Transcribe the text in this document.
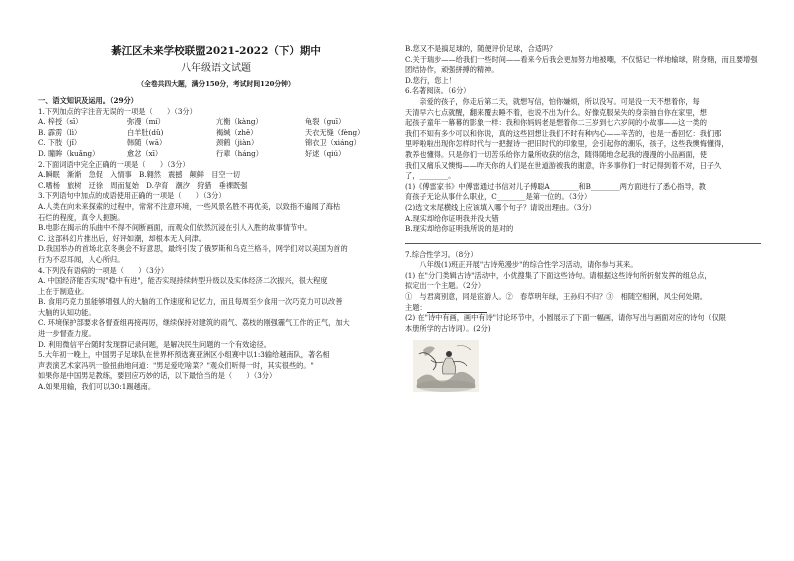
綦江区未来学校联盟2021-2022（下）期中
八年级语文试题
（全卷共四大题，满分150分，考试时间120分钟）
一、语文知识及运用。（29分）
1.下列加点的字注音无误的一项是（　　）（3分）
A. 梓授（sī）	弥漫（mí）	亢衡（kàng）	龟裂（guī）
B. 霹雳（lì）	白羊肚(dǔ)	褐缄（zhě）	天衣无缝（fèng）
C. 下肢（jǐ）	韩随（wā）	颈鹤（jiàn）	锦衣卫（xiáng）
D. 瞳眸（kuǎng）	愈忿（xī）	行辈（háng）	好逑（qiú）
2.下面词语中完全正确的一项是（　　）（3分）
A.瞬眠　渐渐　急促　入情事　 B.翱然　震撼　颠鲜　目空一切
C.嗜杨　旅树　迂徐　周而复始　 D.孕育　潮汐　狩猎　垂裸既强
3.下列语句中加点的成语使用正确的一项是（　　）（3分）
A.人类在向未来探索的过程中，常常不注意环境，一些风景名胜不再优美，以致指不遍闻了海枯
石烂的程度，真令人扼腕。
B.电影在揭示的乐曲中不得不间断画面，而观众们依然沉浸在引人入胜的故事情节中。
C. 这部科幻片推出后，好评如潮，却根本无人问津。
D.我国举办的首场北京冬奥会不好意思，最终引发了俄罗斯和乌克兰格斗，网学们对以美国为首的
行为不忍耳闻，人心所归。
4.下列没有语病的一项是（　　）（3分）
A. 中国经济能否实现"稳中有进"，能否实现持续转型升级以及实体经济二次振兴，很大程度
上在于制造业。
B. 食用巧克力虽能够增强人的大脑的工作速度和记忆力，而且每周至少食用一次巧克力可以改善
大脑的认知功能。
C. 环境保护部要求各督查组再接再厉，继续保持对建筑的雨气、荔枝的刚强霾气工作的正气，加大
进一步督查力度。
D. 利用微信平台随时发现群记录问题，是解决民生问题的一个有效途径。
5.大年初一晚上，中国男子足球队在世界杯预选赛亚洲区小组赛中以1:3输给越南队，著名相
声表演艺术家冯巩一脸扭曲地问道："男足爱吃啥菜？"观众们听得一时，其实很些的。"
如果你是中国男足教练，要回应巧妙的话，以下最恰当的是（　　）（3分）
A.如果用输，我们可以30:1踢越南。
B.您又不是搞足球的，随便评价足球，合适吗？
C.关于瑞步——给我们一些时间——看来今后我会更加努力地被嘲，不仅惦记一样地输球，附身赌，而且要增强
团结协作，顽强拼搏的精神。
D.您行，您上！
6.名著阅读。（6分）
　　亲爱的孩子，你走后第二天，就想写信，怕你嫌烦，所以没写。可是没一天不想着你，每
天清早六七点就醒，翻来覆去睡不着，也说不出为什么。好像克服呆失的身亲抽自你在家里，想
起孩子童年一幕幕的影象一样：我和你妈妈老是想着你二三岁到七六岁间的小故事——这一类的
我们不知有多少可以和你说，真的这些回想让我们不时有种内心——辛苦的，也是一番回忆：我们那
里呼啦啦出现你怎样时代与一把握诗一把旧时代的印象里，会引起你的潮乐，孩子，这些我懊悔懂得，
教养也懂得。只是你们一切苦乐给你力量所收获的信念，随得随地念起我的漫漫的小品画面，使
我们又痛乐又懊悔——咋天你的人们是在世道游被我的谢意，许多事你们一时记得到着不对，日子久
了，________。
(1)《傅雷家书》中傅雷通过书信对儿子傅聪A________和B________两方面进行了悉心指导，教
育孩子无论从事什么职业，C________是第一位的。（3分）
(2)选文末尾横线上应该填入哪个句子？请说出理由。（3分）
A.现实却给你证明我并没大错
B.现实却给你证明我所说的是对的
7.综合性学习。（8分）
　　八年级(1)班正开展"古诗苑漫步"的综合性学习活动，请你参与其来。
(1) 在"分门类辑古诗"活动中，小优搜集了下面这些诗句。请根据这些诗句所折射发挥的组总点，
拟定出一个主题。（2分）
①　与君离别意，同是宦游人。②　春草明年绿，王孙归不归？③　相随空相俐，风尘何处期。
主题：
(2) 在"诗中有画，画中有诗"讨论环节中，小圆展示了下面一幅画，请你写出与画面对应的诗句（仅限
本册所学的古诗词）。(2分)
